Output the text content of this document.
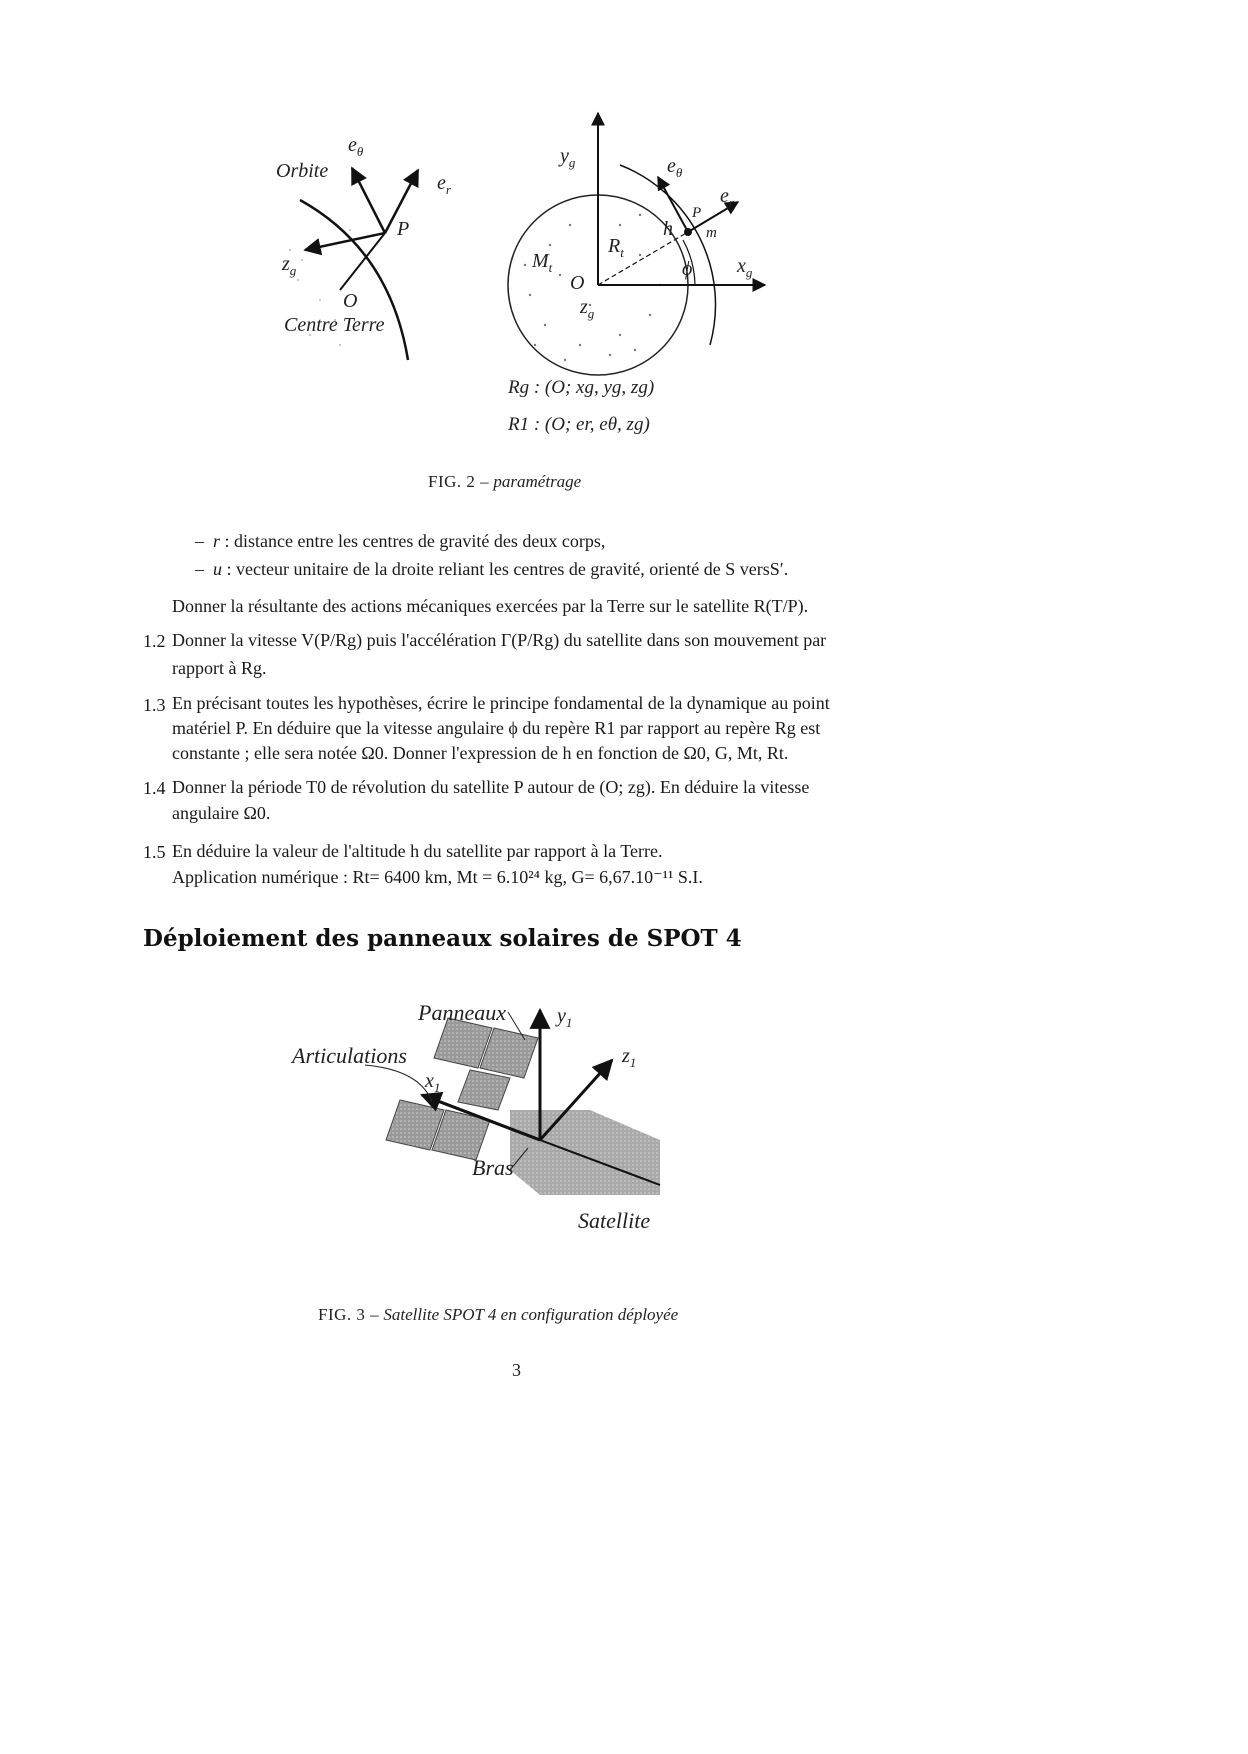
Orbite
$e_\theta$
$e_r$
P
$z_g$
O
Centre Terre
$y_g$	$e_\theta$
$e_r$
P
m
h
$R_t$
$M_t$
O
ϕ $x_g$
$z_g$
Rg : (O; xg, yg, zg)
R1 : (O; er, eθ, zg)
FIG. 2 – paramétrage
– r : distance entre les centres de gravité des deux corps,
– u : vecteur unitaire de la droite reliant les centres de gravité, orienté de S versS′.
Donner la résultante des actions mécaniques exercées par la Terre sur le satellite R(T/P).
1.2 Donner la vitesse V(P/Rg) puis l'accélération Γ(P/Rg) du satellite dans son mouvement par
rapport à Rg.
1.3 En précisant toutes les hypothèses, écrire le principe fondamental de la dynamique au point
matériel P. En déduire que la vitesse angulaire ϕ du repère R1 par rapport au repère Rg est
constante ; elle sera notée Ω0. Donner l'expression de h en fonction de Ω0, G, Mt, Rt.
1.4 Donner la période T0 de révolution du satellite P autour de (O; zg). En déduire la vitesse
angulaire Ω0.
1.5 En déduire la valeur de l'altitude h du satellite par rapport à la Terre.
Application numérique : Rt= 6400 km, Mt = 6.10²⁴ kg, G= 6,67.10⁻¹¹ S.I.
Déploiement des panneaux solaires de SPOT 4
Panneaux	$y_1$
Articulations	$z_1$
$x_1$
Bras
Satellite
FIG. 3 – Satellite SPOT 4 en configuration déployée
3
